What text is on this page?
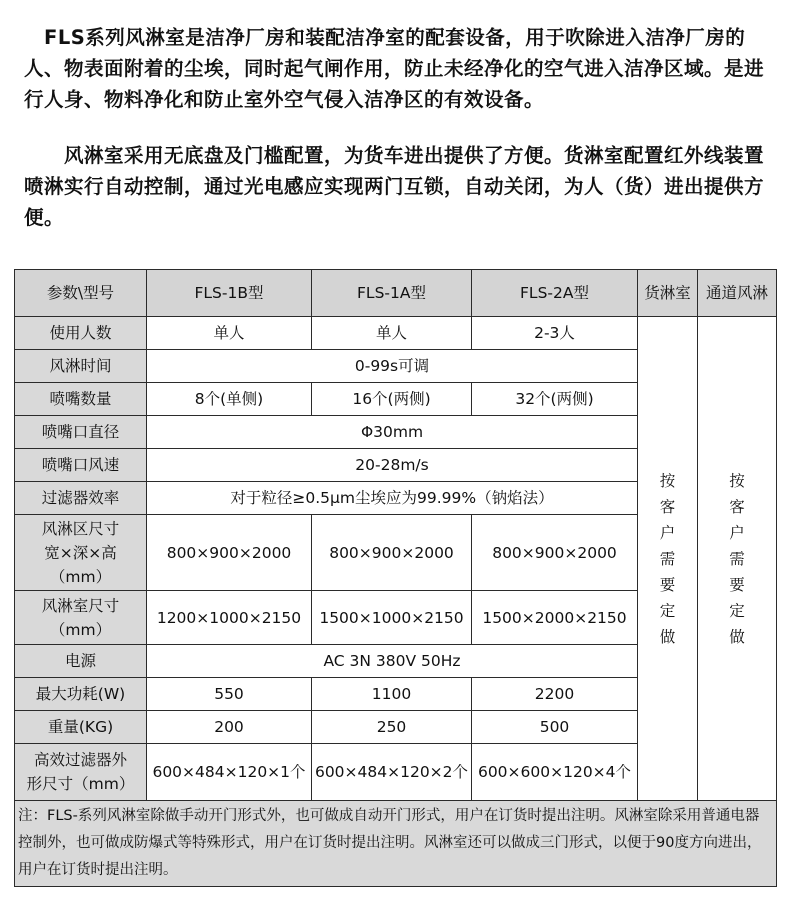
　FLS系列风淋室是洁净厂房和装配洁净室的配套设备，用于吹除进入洁净厂房的人、物表面附着的尘埃，同时起气闸作用，防止未经净化的空气进入洁净区域。是进行人身、物料净化和防止室外空气侵入洁净区的有效设备。
　　风淋室采用无底盘及门槛配置，为货车进出提供了方便。货淋室配置红外线装置喷淋实行自动控制，通过光电感应实现两门互锁，自动关闭，为人（货）进出提供方便。
参数\型号	FLS-1B型	FLS-1A型	FLS-2A型	货淋室	通道风淋
使用人数	单人	单人	2-3人	按客户需要定做	按客户需要定做
风淋时间	0-99s可调				
喷嘴数量	8个(单侧)	16个(两侧)	32个(两侧)		
喷嘴口直径	Φ30mm				
喷嘴口风速	20-28m/s				
过滤器效率	对于粒径≥0.5μm尘埃应为99.99%（钠焰法）				

风淋区尺寸
宽×深×高
（mm）	800×900×2000	800×900×2000	800×900×2000		

风淋室尺寸
（mm）	1200×1000×2150	1500×1000×2150	1500×2000×2150		
电源	AC 3N 380V 50Hz				
最大功耗(W)	550	1100	2200		
重量(KG)	200	250	500		

高效过滤器外
形尺寸（mm）	600×484×120×1个	600×484×120×2个	600×600×120×4个		
注：FLS-系列风淋室除做手动开门形式外，也可做成自动开门形式，用户在订货时提出注明。风淋室除采用普通电器控制外，也可做成防爆式等特殊形式，用户在订货时提出注明。风淋室还可以做成三门形式，以便于90度方向进出，用户在订货时提出注明。					
